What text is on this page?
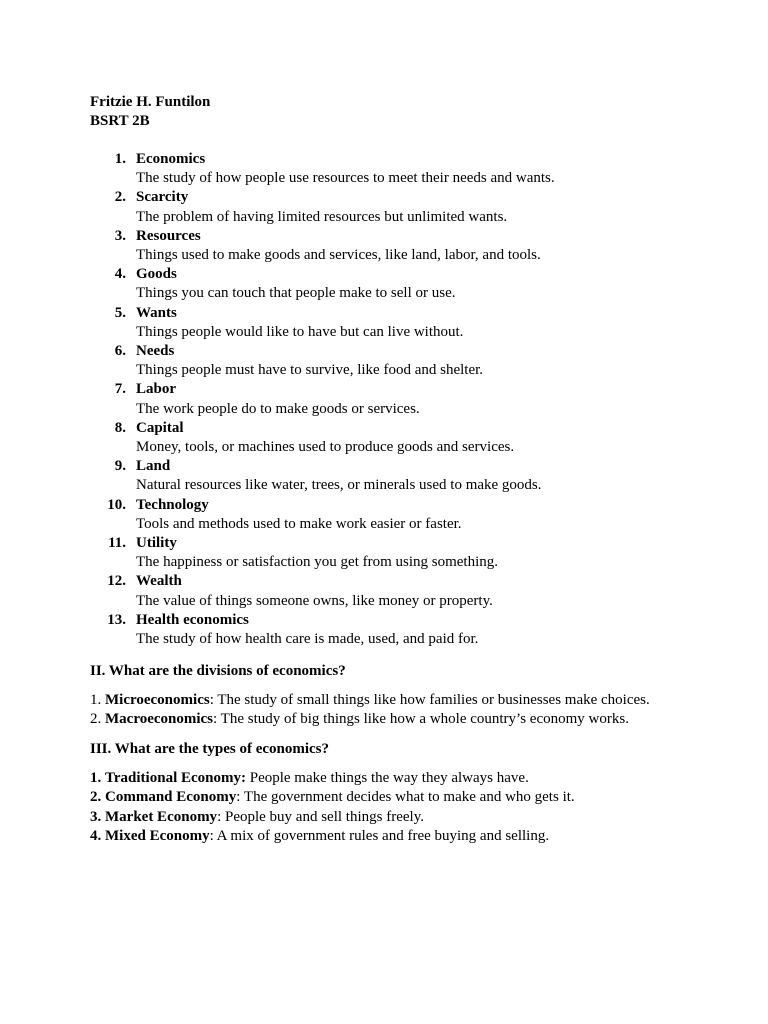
Fritzie H. Funtilon
BSRT 2B
1. Economics
The study of how people use resources to meet their needs and wants.
2. Scarcity
The problem of having limited resources but unlimited wants.
3. Resources
Things used to make goods and services, like land, labor, and tools.
4. Goods
Things you can touch that people make to sell or use.
5. Wants
Things people would like to have but can live without.
6. Needs
Things people must have to survive, like food and shelter.
7. Labor
The work people do to make goods or services.
8. Capital
Money, tools, or machines used to produce goods and services.
9. Land
Natural resources like water, trees, or minerals used to make goods.
10. Technology
Tools and methods used to make work easier or faster.
11. Utility
The happiness or satisfaction you get from using something.
12. Wealth
The value of things someone owns, like money or property.
13. Health economics
The study of how health care is made, used, and paid for.
II. What are the divisions of economics?
1. Microeconomics: The study of small things like how families or businesses make choices.
2. Macroeconomics: The study of big things like how a whole country’s economy works.
III. What are the types of economics?
1. Traditional Economy: People make things the way they always have.
2. Command Economy: The government decides what to make and who gets it.
3. Market Economy: People buy and sell things freely.
4. Mixed Economy: A mix of government rules and free buying and selling.
